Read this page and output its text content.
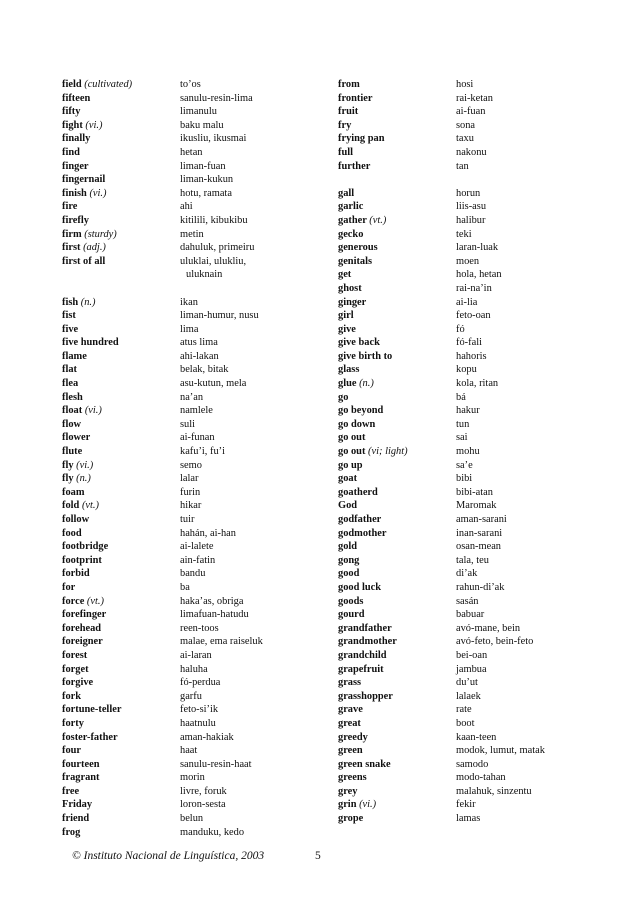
field (cultivated)	to’os
fifteen	sanulu-resin-lima
fifty	limanulu
fight (vi.)	baku malu
finally	ikusliu, ikusmai
find	hetan
finger	liman-fuan
fingernail	liman-kukun
finish (vi.)	hotu, ramata
fire	ahi
firefly	kitilili, kibukibu
firm (sturdy)	metin
first (adj.)	dahuluk, primeiru
first of all	uluklai, ulukliu,
uluknain
fish (n.)	ikan
fist	liman-humur, nusu
five	lima
five hundred	atus lima
flame	ahi-lakan
flat	belak, bitak
flea	asu-kutun, mela
flesh	na’an
float (vi.)	namlele
flow	suli
flower	ai-funan
flute	kafu’i, fu’i
fly (vi.)	semo
fly (n.)	lalar
foam	furin
fold (vt.)	hikar
follow	tuir
food	hahán, ai-han
footbridge	ai-lalete
footprint	ain-fatin
forbid	bandu
for	ba
force (vt.)	haka’as, obriga
forefinger	limafuan-hatudu
forehead	reen-toos
foreigner	malae, ema raiseluk
forest	ai-laran
forget	haluha
forgive	fó-perdua
fork	garfu
fortune-teller	feto-si’ik
forty	haatnulu
foster-father	aman-hakiak
four	haat
fourteen	sanulu-resin-haat
fragrant	morin
free	livre, foruk
Friday	loron-sesta
friend	belun
frog	manduku, kedo
from	hosi
frontier	rai-ketan
fruit	ai-fuan
fry	sona
frying pan	taxu
full	nakonu
further	tan
gall	horun
garlic	liis-asu
gather (vt.)	halibur
gecko	teki
generous	laran-luak
genitals	moen
get	hola, hetan
ghost	rai-na’in
ginger	ai-lia
girl	feto-oan
give	fó
give back	fó-fali
give birth to	hahoris
glass	kopu
glue (n.)	kola, ritan
go	bá
go beyond	hakur
go down	tun
go out	sai
go out (vi; light)	mohu
go up	sa’e
goat	bibi
goatherd	bibi-atan
God	Maromak
godfather	aman-sarani
godmother	inan-sarani
gold	osan-mean
gong	tala, teu
good	di’ak
good luck	rahun-di’ak
goods	sasán
gourd	babuar
grandfather	avó-mane, bein
grandmother	avó-feto, bein-feto
grandchild	bei-oan
grapefruit	jambua
grass	du’ut
grasshopper	lalaek
grave	rate
great	boot
greedy	kaan-teen
green	modok, lumut, matak
green snake	samodo
greens	modo-tahan
grey	malahuk, sinzentu
grin (vi.)	fekir
grope	lamas
© Instituto Nacional de Linguística, 2003	5
